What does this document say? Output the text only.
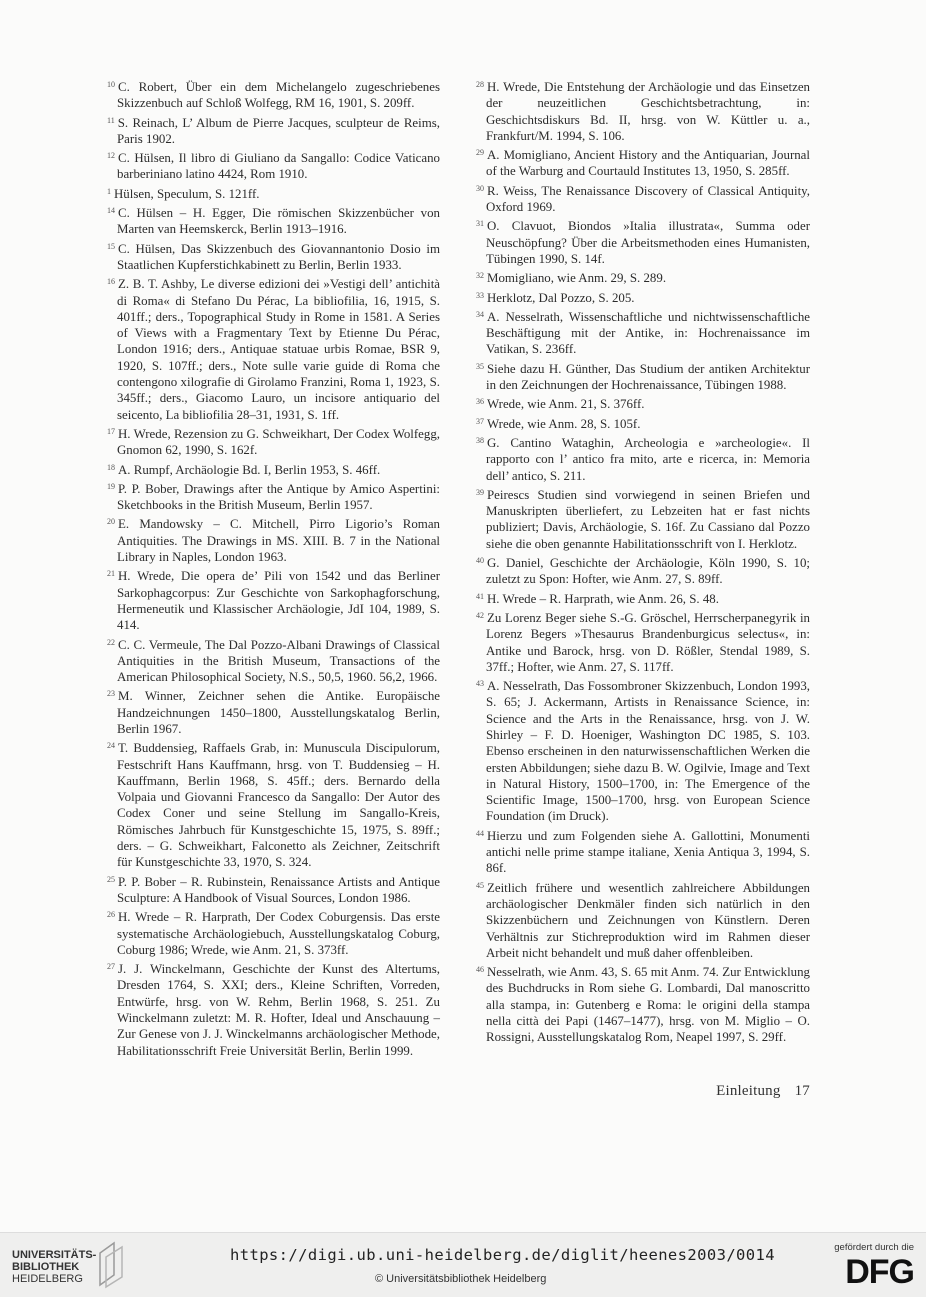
$^{10}$ C. Robert, Über ein dem Michelangelo zugeschriebenes Skizzenbuch auf Schloß Wolfegg, RM 16, 1901, S. 209ff.

$^{11}$ S. Reinach, L’ Album de Pierre Jacques, sculpteur de Reims, Paris 1902.

$^{12}$ C. Hülsen, Il libro di Giuliano da Sangallo: Codice Vaticano barberiniano latino 4424, Rom 1910.

$^1$ Hülsen, Speculum, S. 121ff.

$^{14}$ C. Hülsen – H. Egger, Die römischen Skizzenbücher von Marten van Heemskerck, Berlin 1913–1916.

$^{15}$ C. Hülsen, Das Skizzenbuch des Giovannantonio Dosio im Staatlichen Kupferstichkabinett zu Berlin, Berlin 1933.

$^{16}$ Z. B. T. Ashby, Le diverse edizioni dei »Vestigi dell’ antichità di Roma« di Stefano Du Pérac, La bibliofilia, 16, 1915, S. 401ff.; ders., Topographical Study in Rome in 1581. A Series of Views with a Fragmentary Text by Etienne Du Pérac, London 1916; ders., Antiquae statuae urbis Romae, BSR 9, 1920, S. 107ff.; ders., Note sulle varie guide di Roma che contengono xilografie di Girolamo Franzini, Roma 1, 1923, S. 345ff.; ders., Giacomo Lauro, un incisore antiquario del seicento, La bibliofilia 28–31, 1931, S. 1ff.

$^{17}$ H. Wrede, Rezension zu G. Schweikhart, Der Codex Wolfegg, Gnomon 62, 1990, S. 162f.

$^{18}$ A. Rumpf, Archäologie Bd. I, Berlin 1953, S. 46ff.

$^{19}$ P. P. Bober, Drawings after the Antique by Amico Aspertini: Sketchbooks in the British Museum, Berlin 1957.

$^{20}$ E. Mandowsky – C. Mitchell, Pirro Ligorio’s Roman Antiquities. The Drawings in MS. XIII. B. 7 in the National Library in Naples, London 1963.

$^{21}$ H. Wrede, Die opera de’ Pili von 1542 und das Berliner Sarkophagcorpus: Zur Geschichte von Sarkophagforschung, Hermeneutik und Klassischer Archäologie, JdI 104, 1989, S. 414.

$^{22}$ C. C. Vermeule, The Dal Pozzo-Albani Drawings of Classical Antiquities in the British Museum, Transactions of the American Philosophical Society, N.S., 50,5, 1960. 56,2, 1966.

$^{23}$ M. Winner, Zeichner sehen die Antike. Europäische Handzeichnungen 1450–1800, Ausstellungskatalog Berlin, Berlin 1967.

$^{24}$ T. Buddensieg, Raffaels Grab, in: Munuscula Discipulorum, Festschrift Hans Kauffmann, hrsg. von T. Buddensieg – H. Kauffmann, Berlin 1968, S. 45ff.; ders. Bernardo della Volpaia und Giovanni Francesco da Sangallo: Der Autor des Codex Coner und seine Stellung im Sangallo-Kreis, Römisches Jahrbuch für Kunstgeschichte 15, 1975, S. 89ff.; ders. – G. Schweikhart, Falconetto als Zeichner, Zeitschrift für Kunstgeschichte 33, 1970, S. 324.

$^{25}$ P. P. Bober – R. Rubinstein, Renaissance Artists and Antique Sculpture: A Handbook of Visual Sources, London 1986.

$^{26}$ H. Wrede – R. Harprath, Der Codex Coburgensis. Das erste systematische Archäologiebuch, Ausstellungskatalog Coburg, Coburg 1986; Wrede, wie Anm. 21, S. 373ff.

$^{27}$ J. J. Winckelmann, Geschichte der Kunst des Altertums, Dresden 1764, S. XXI; ders., Kleine Schriften, Vorreden, Entwürfe, hrsg. von W. Rehm, Berlin 1968, S. 251. Zu Winckelmann zuletzt: M. R. Hofter, Ideal und Anschauung – Zur Genese von J. J. Winckelmanns archäologischer Methode, Habilitationsschrift Freie Universität Berlin, Berlin 1999.

$^{28}$ H. Wrede, Die Entstehung der Archäologie und das Einsetzen der neuzeitlichen Geschichtsbetrachtung, in: Geschichtsdiskurs Bd. II, hrsg. von W. Küttler u. a., Frankfurt/M. 1994, S. 106.

$^{29}$ A. Momigliano, Ancient History and the Antiquarian, Journal of the Warburg and Courtauld Institutes 13, 1950, S. 285ff.

$^{30}$ R. Weiss, The Renaissance Discovery of Classical Antiquity, Oxford 1969.

$^{31}$ O. Clavuot, Biondos »Italia illustrata«, Summa oder Neuschöpfung? Über die Arbeitsmethoden eines Humanisten, Tübingen 1990, S. 14f.

$^{32}$ Momigliano, wie Anm. 29, S. 289.

$^{33}$ Herklotz, Dal Pozzo, S. 205.

$^{34}$ A. Nesselrath, Wissenschaftliche und nichtwissenschaftliche Beschäftigung mit der Antike, in: Hochrenaissance im Vatikan, S. 236ff.

$^{35}$ Siehe dazu H. Günther, Das Studium der antiken Architektur in den Zeichnungen der Hochrenaissance, Tübingen 1988.

$^{36}$ Wrede, wie Anm. 21, S. 376ff.

$^{37}$ Wrede, wie Anm. 28, S. 105f.

$^{38}$ G. Cantino Wataghin, Archeologia e »archeologie«. Il rapporto con l’ antico fra mito, arte e ricerca, in: Memoria dell’ antico, S. 211.

$^{39}$ Peirescs Studien sind vorwiegend in seinen Briefen und Manuskripten überliefert, zu Lebzeiten hat er fast nichts publiziert; Davis, Archäologie, S. 16f. Zu Cassiano dal Pozzo siehe die oben genannte Habilitationsschrift von I. Herklotz.

$^{40}$ G. Daniel, Geschichte der Archäologie, Köln 1990, S. 10; zuletzt zu Spon: Hofter, wie Anm. 27, S. 89ff.

$^{41}$ H. Wrede – R. Harprath, wie Anm. 26, S. 48.

$^{42}$ Zu Lorenz Beger siehe S.-G. Gröschel, Herrscherpanegyrik in Lorenz Begers »Thesaurus Brandenburgicus selectus«, in: Antike und Barock, hrsg. von D. Rößler, Stendal 1989, S. 37ff.; Hofter, wie Anm. 27, S. 117ff.

$^{43}$ A. Nesselrath, Das Fossombroner Skizzenbuch, London 1993, S. 65; J. Ackermann, Artists in Renaissance Science, in: Science and the Arts in the Renaissance, hrsg. von J. W. Shirley – F. D. Hoeniger, Washington DC 1985, S. 103. Ebenso erscheinen in den naturwissenschaftlichen Werken die ersten Abbildungen; siehe dazu B. W. Ogilvie, Image and Text in Natural History, 1500–1700, in: The Emergence of the Scientific Image, 1500–1700, hrsg. von European Science Foundation (im Druck).

$^{44}$ Hierzu und zum Folgenden siehe A. Gallottini, Monumenti antichi nelle prime stampe italiane, Xenia Antiqua 3, 1994, S. 86f.

$^{45}$ Zeitlich frühere und wesentlich zahlreichere Abbildungen archäologischer Denkmäler finden sich natürlich in den Skizzenbüchern und Zeichnungen von Künstlern. Deren Verhältnis zur Stichreproduktion wird im Rahmen dieser Arbeit nicht behandelt und muß daher offenbleiben.

$^{46}$ Nesselrath, wie Anm. 43, S. 65 mit Anm. 74. Zur Entwicklung des Buchdrucks in Rom siehe G. Lombardi, Dal manoscritto alla stampa, in: Gutenberg e Roma: le origini della stampa nella città dei Papi (1467–1477), hrsg. von M. Miglio – O. Rossigni, Ausstellungskatalog Rom, Neapel 1997, S. 29ff.

Einleitung 17
UNIVERSITÄTS-
BIBLIOTHEK
HEIDELBERG
https://digi.ub.uni-heidelberg.de/diglit/heenes2003/0014
© Universitätsbibliothek Heidelberg
gefördert durch die
DFG
